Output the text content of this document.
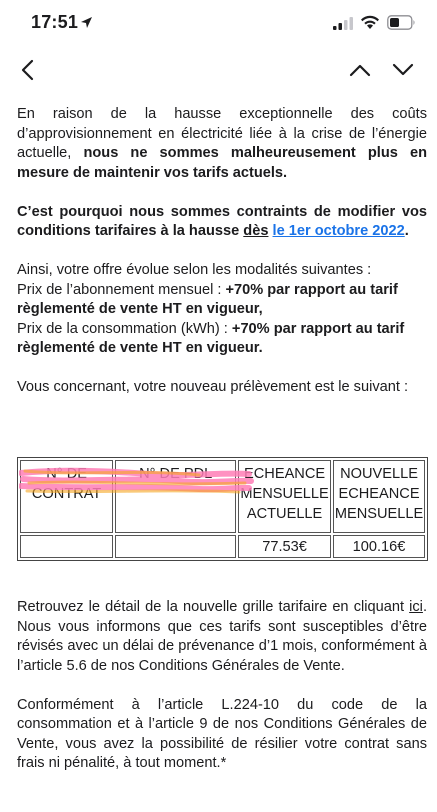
17:51

En raison de la hausse exceptionnelle des coûts d’approvisionnement en électricité liée à la crise de l’énergie actuelle, nous ne sommes malheureusement plus en mesure de maintenir vos tarifs actuels.

C’est pourquoi nous sommes contraints de modifier vos conditions tarifaires à la hausse dès le 1er octobre 2022.

Ainsi, votre offre évolue selon les modalités suivantes :
Prix de l’abonnement mensuel : +70% par rapport au tarif règlementé de vente HT en vigueur,
Prix de la consommation (kWh) : +70% par rapport au tarif règlementé de vente HT en vigueur.

Vous concernant, votre nouveau prélèvement est le suivant :

N° DE CONTRAT	N° DE PDL	ECHEANCE MENSUELLE ACTUELLE	NOUVELLE ECHEANCE MENSUELLE
		77.53€	100.16€

Retrouvez le détail de la nouvelle grille tarifaire en cliquant ici. Nous vous informons que ces tarifs sont susceptibles d’être révisés avec un délai de prévenance d’1 mois, conformément à l’article 5.6 de nos Conditions Générales de Vente.

Conformément à l’article L.224-10 du code de la consommation et à l’article 9 de nos Conditions Générales de Vente, vous avez la possibilité de résilier votre contrat sans frais ni pénalité, à tout moment.*
